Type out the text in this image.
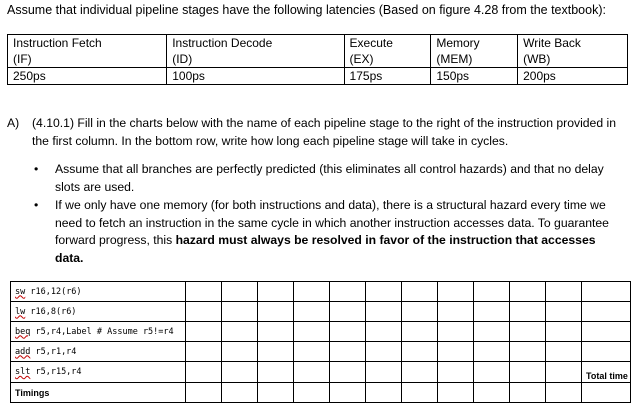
Assume that individual pipeline stages have the following latencies (Based on figure 4.28 from the textbook):
Instruction Fetch	Instruction Decode	Execute	Memory	Write Back
(IF)	(ID)	(EX)	(MEM)	(WB)
250ps	100ps	175ps	150ps	200ps
A) (4.10.1) Fill in the charts below with the name of each pipeline stage to the right of the instruction provided in the first column. In the bottom row, write how long each pipeline stage will take in cycles.
• Assume that all branches are perfectly predicted (this eliminates all control hazards) and that no delay slots are used.
• If we only have one memory (for both instructions and data), there is a structural hazard every time we need to fetch an instruction in the same cycle in which another instruction accesses data. To guarantee forward progress, this hazard must always be resolved in favor of the instruction that accesses data.
sw r16,12(r6)												
lw r16,8(r6)												
beq r5,r4,Label # Assume r5!=r4												
add r5,r1,r4												
slt r5,r15,r4												Total time
Timings												
